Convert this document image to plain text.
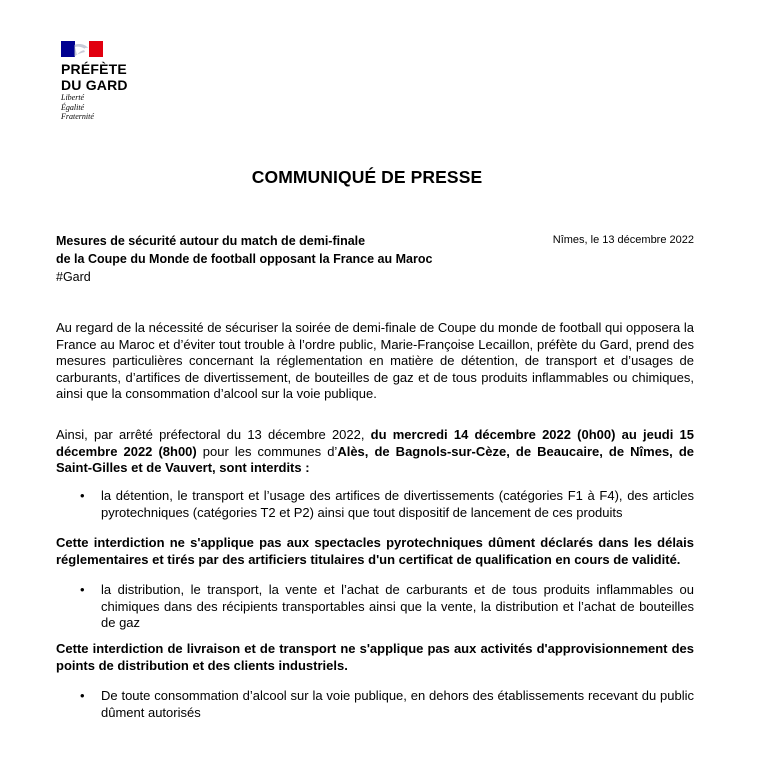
PRÉFÈTE
DU GARD
Liberté
Égalité
Fraternité
COMMUNIQUÉ DE PRESSE
Mesures de sécurité autour du match de demi-finale
de la Coupe du Monde de football opposant la France au Maroc
#Gard
Nîmes, le 13 décembre 2022
Au regard de la nécessité de sécuriser la soirée de demi-finale de Coupe du monde de football qui opposera la France au Maroc et d’éviter tout trouble à l’ordre public, Marie-Françoise Lecaillon, préfète du Gard, prend des mesures particulières concernant la réglementation en matière de détention, de transport et d’usages de carburants, d’artifices de divertissement, de bouteilles de gaz et de tous produits inflammables ou chimiques, ainsi que la consommation d’alcool sur la voie publique.
Ainsi, par arrêté préfectoral du 13 décembre 2022, du mercredi 14 décembre 2022 (0h00) au jeudi 15 décembre 2022 (8h00) pour les communes d’Alès, de Bagnols-sur-Cèze, de Beaucaire, de Nîmes, de Saint-Gilles et de Vauvert, sont interdits :
• la détention, le transport et l’usage des artifices de divertissements (catégories F1 à F4), des articles pyrotechniques (catégories T2 et P2) ainsi que tout dispositif de lancement de ces produits
Cette interdiction ne s'applique pas aux spectacles pyrotechniques dûment déclarés dans les délais réglementaires et tirés par des artificiers titulaires d'un certificat de qualification en cours de validité.
• la distribution, le transport, la vente et l’achat de carburants et de tous produits inflammables ou chimiques dans des récipients transportables ainsi que la vente, la distribution et l’achat de bouteilles de gaz
Cette interdiction de livraison et de transport ne s'applique pas aux activités d'approvisionnement des points de distribution et des clients industriels.
• De toute consommation d’alcool sur la voie publique, en dehors des établissements recevant du public dûment autorisés
